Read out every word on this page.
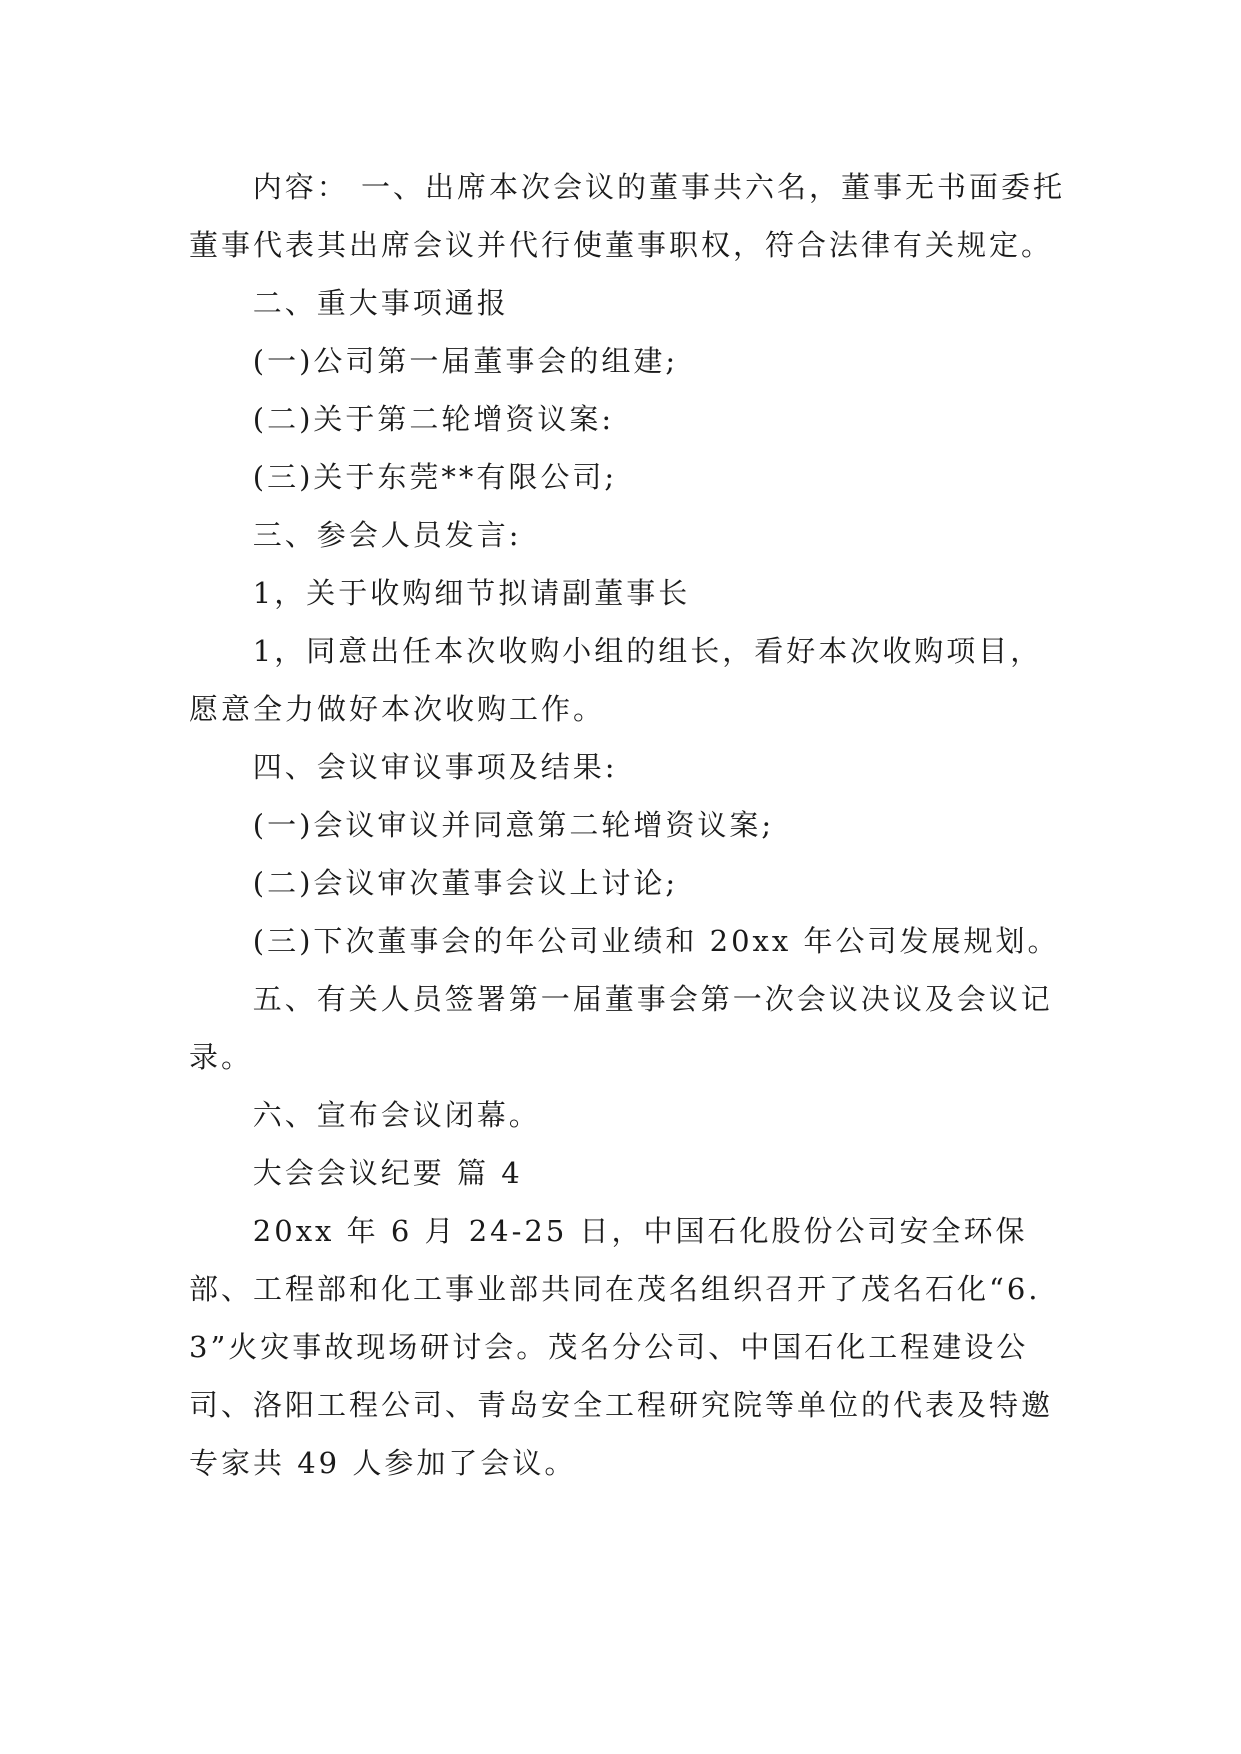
内容： 一、出席本次会议的董事共六名，董事无书面委托董事代表其出席会议并代行使董事职权，符合法律有关规定。

二、重大事项通报

(一)公司第一届董事会的组建;

(二)关于第二轮增资议案:

(三)关于东莞**有限公司;

三、参会人员发言:

1，关于收购细节拟请副董事长

1，同意出任本次收购小组的组长，看好本次收购项目，愿意全力做好本次收购工作。

四、会议审议事项及结果:

(一)会议审议并同意第二轮增资议案;

(二)会议审次董事会议上讨论;

(三)下次董事会的年公司业绩和 20xx 年公司发展规划。

五、有关人员签署第一届董事会第一次会议决议及会议记录。

六、宣布会议闭幕。

大会会议纪要 篇 4

20xx 年 6 月 24-25 日，中国石化股份公司安全环保部、工程部和化工事业部共同在茂名组织召开了茂名石化“6.3”火灾事故现场研讨会。茂名分公司、中国石化工程建设公司、洛阳工程公司、青岛安全工程研究院等单位的代表及特邀专家共 49 人参加了会议。
